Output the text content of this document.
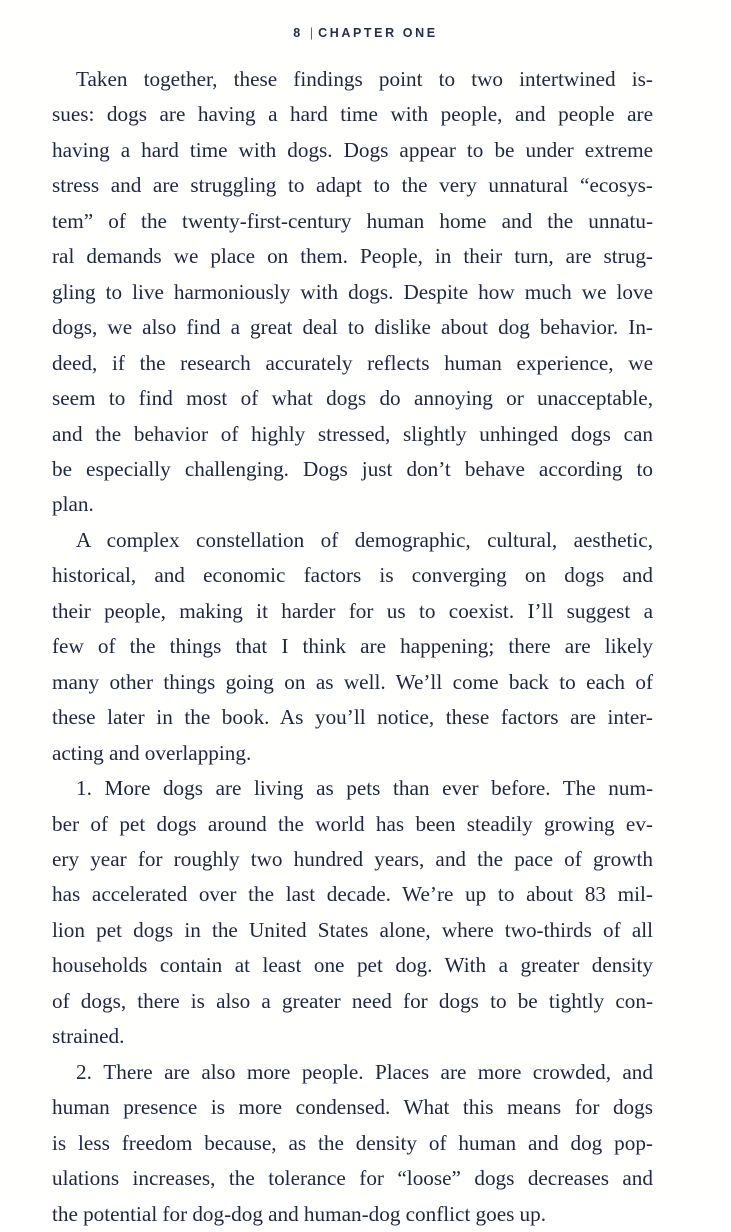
8 | CHAPTER ONE

Taken together, these findings point to two intertwined is-
sues: dogs are having a hard time with people, and people are
having a hard time with dogs. Dogs appear to be under extreme
stress and are struggling to adapt to the very unnatural “ecosys-
tem” of the twenty-first-century human home and the unnatu-
ral demands we place on them. People, in their turn, are strug-
gling to live harmoniously with dogs. Despite how much we love
dogs, we also find a great deal to dislike about dog behavior. In-
deed, if the research accurately reflects human experience, we
seem to find most of what dogs do annoying or unacceptable,
and the behavior of highly stressed, slightly unhinged dogs can
be especially challenging. Dogs just don’t behave according to
plan.

A complex constellation of demographic, cultural, aesthetic,
historical, and economic factors is converging on dogs and
their people, making it harder for us to coexist. I’ll suggest a
few of the things that I think are happening; there are likely
many other things going on as well. We’ll come back to each of
these later in the book. As you’ll notice, these factors are inter-
acting and overlapping.

1. More dogs are living as pets than ever before. The num-
ber of pet dogs around the world has been steadily growing ev-
ery year for roughly two hundred years, and the pace of growth
has accelerated over the last decade. We’re up to about 83 mil-
lion pet dogs in the United States alone, where two-thirds of all
households contain at least one pet dog. With a greater density
of dogs, there is also a greater need for dogs to be tightly con-
strained.

2. There are also more people. Places are more crowded, and
human presence is more condensed. What this means for dogs
is less freedom because, as the density of human and dog pop-
ulations increases, the tolerance for “loose” dogs decreases and
the potential for dog-dog and human-dog conflict goes up.
